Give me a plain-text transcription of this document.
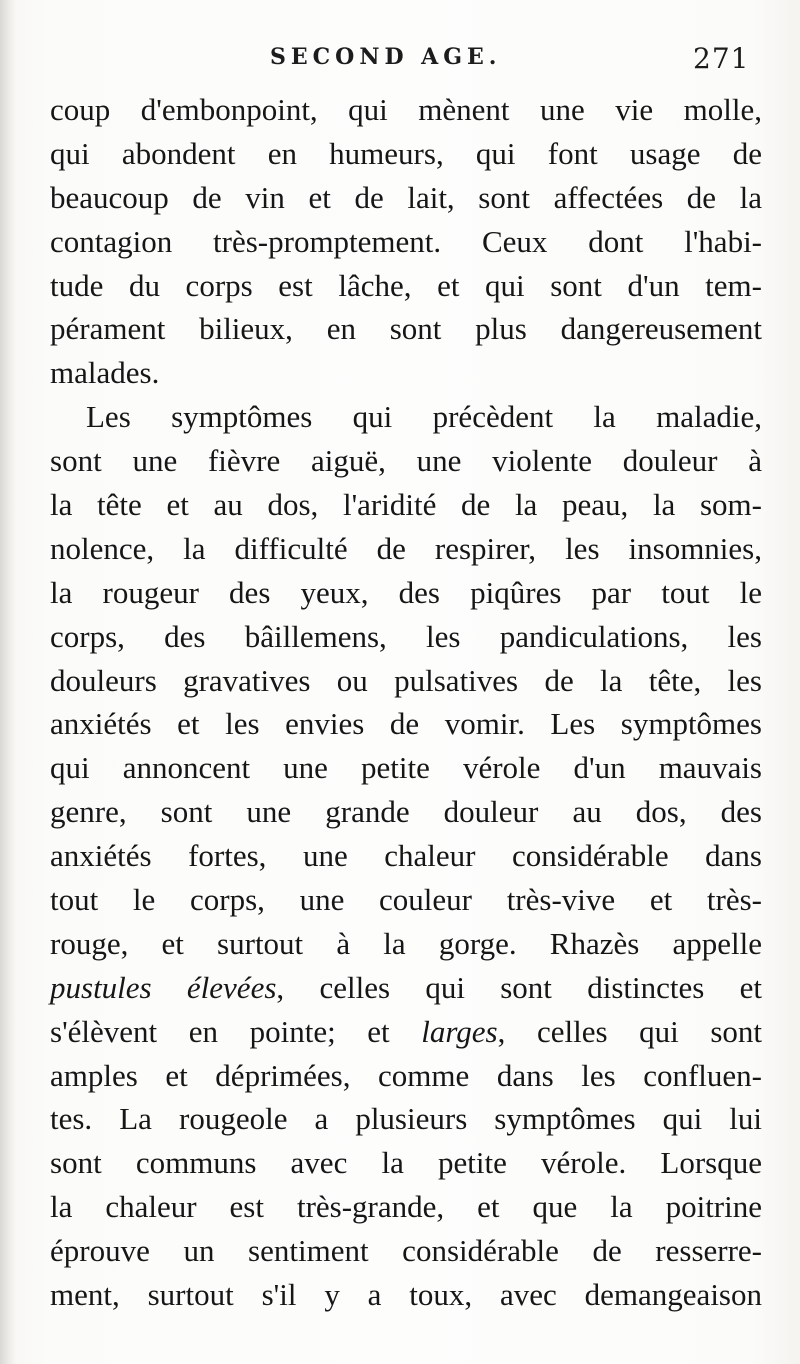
SECOND AGE.	271
coup d'embonpoint, qui mènent une vie molle,
qui abondent en humeurs, qui font usage de
beaucoup de vin et de lait, sont affectées de la
contagion très-promptement. Ceux dont l'habi-
tude du corps est lâche, et qui sont d'un tem-
pérament bilieux, en sont plus dangereusement
malades.
Les symptômes qui précèdent la maladie,
sont une fièvre aiguë, une violente douleur à
la tête et au dos, l'aridité de la peau, la som-
nolence, la difficulté de respirer, les insomnies,
la rougeur des yeux, des piqûres par tout le
corps, des bâillemens, les pandiculations, les
douleurs gravatives ou pulsatives de la tête, les
anxiétés et les envies de vomir. Les symptômes
qui annoncent une petite vérole d'un mauvais
genre, sont une grande douleur au dos, des
anxiétés fortes, une chaleur considérable dans
tout le corps, une couleur très-vive et très-
rouge, et surtout à la gorge. Rhazès appelle
pustules élevées, celles qui sont distinctes et
s'élèvent en pointe; et larges, celles qui sont
amples et déprimées, comme dans les confluen-
tes. La rougeole a plusieurs symptômes qui lui
sont communs avec la petite vérole. Lorsque
la chaleur est très-grande, et que la poitrine
éprouve un sentiment considérable de resserre-
ment, surtout s'il y a toux, avec demangeaison
